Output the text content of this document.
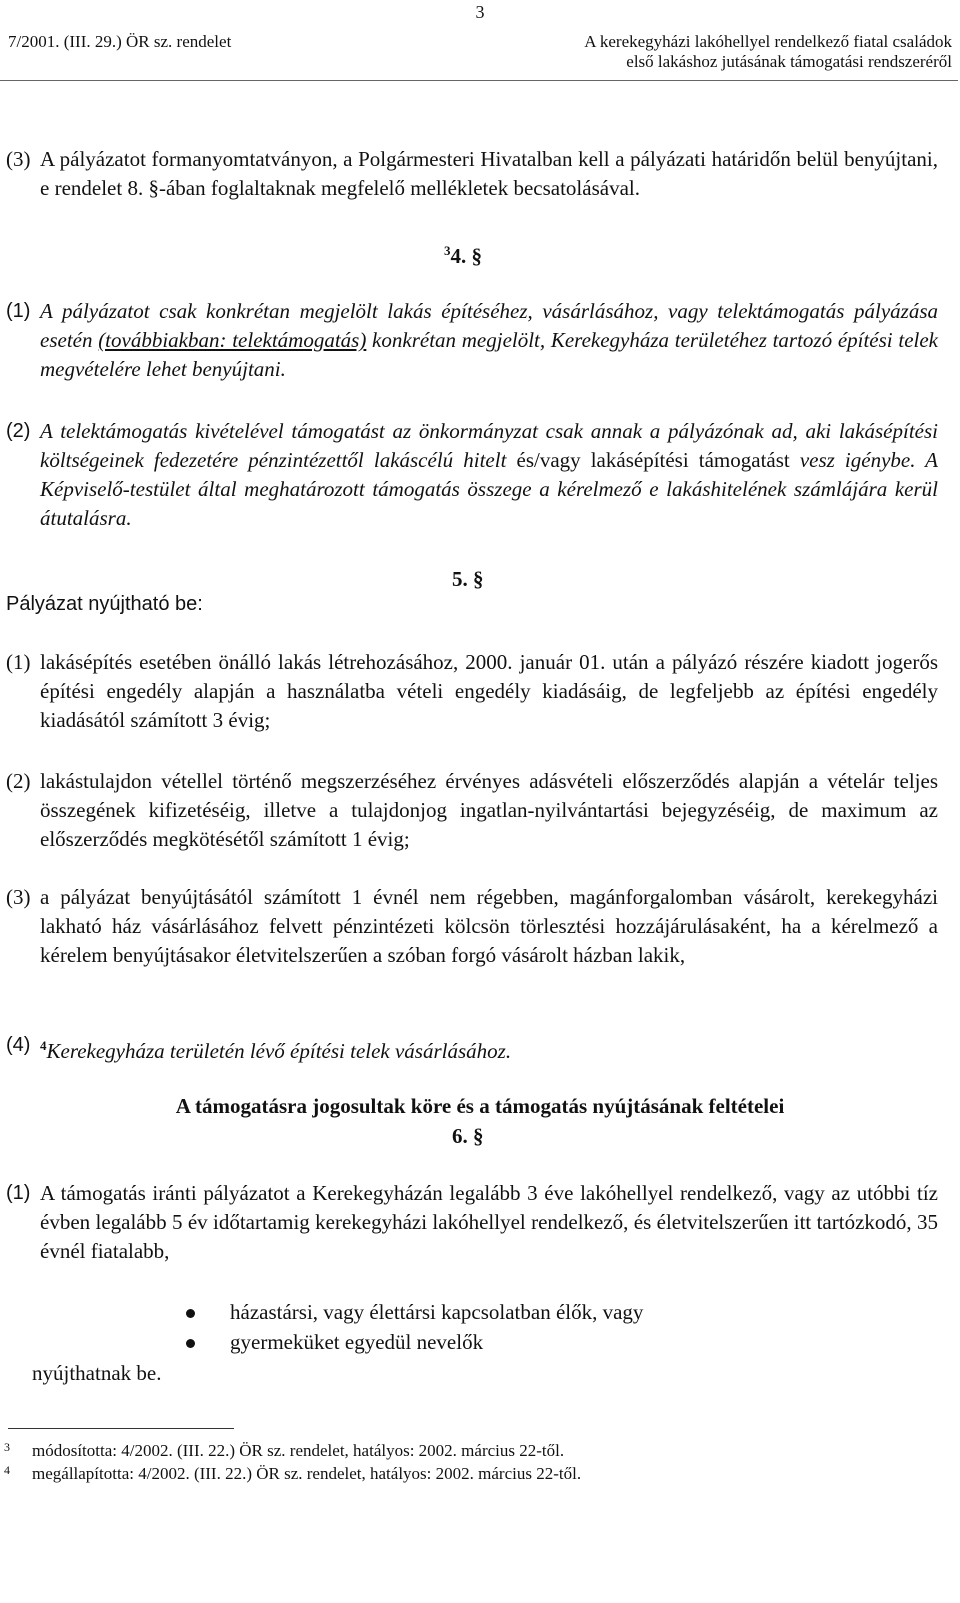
3
7/2001. (III. 29.) ÖR sz. rendelet	A kerekegyházi lakóhellyel rendelkező fiatal családok
első lakáshoz jutásának támogatási rendszeréről
(3) A pályázatot formanyomtatványon, a Polgármesteri Hivatalban kell a pályázati határidőn belül benyújtani, e rendelet 8. §-ában foglaltaknak megfelelő mellékletek becsatolásával.
$^3$4. §
(1) A pályázatot csak konkrétan megjelölt lakás építéséhez, vásárlásához, vagy telektámogatás pályázása esetén (továbbiakban: telektámogatás) konkrétan megjelölt, Kerekegyháza területéhez tartozó építési telek megvételére lehet benyújtani.
(2) A telektámogatás kivételével támogatást az önkormányzat csak annak a pályázónak ad, aki lakásépítési költségeinek fedezetére pénzintézettől lakáscélú hitelt és/vagy lakásépítési támogatást vesz igénybe. A Képviselő-testület által meghatározott támogatás összege a kérelmező e lakáshitelének számlájára kerül átutalásra.
Pályázat nyújtható be:
5. §
(1) lakásépítés esetében önálló lakás létrehozásához, 2000. január 01. után a pályázó részére kiadott jogerős építési engedély alapján a használatba vételi engedély kiadásáig, de legfeljebb az építési engedély kiadásától számított 3 évig;
(2) lakástulajdon vétellel történő megszerzéséhez érvényes adásvételi előszerződés alapján a vételár teljes összegének kifizetéséig, illetve a tulajdonjog ingatlan-nyilvántartási bejegyzéséig, de maximum az előszerződés megkötésétől számított 1 évig;
(3) a pályázat benyújtásától számított 1 évnél nem régebben, magánforgalomban vásárolt, kerekegyházi lakható ház vásárlásához felvett pénzintézeti kölcsön törlesztési hozzájárulásaként, ha a kérelmező a kérelem benyújtásakor életvitelszerűen a szóban forgó vásárolt házban lakik,
(4) $^4$Kerekegyháza területén lévő építési telek vásárlásához.
A támogatásra jogosultak köre és a támogatás nyújtásának feltételei
6. §
(1) A támogatás iránti pályázatot a Kerekegyházán legalább 3 éve lakóhellyel rendelkező, vagy az utóbbi tíz évben legalább 5 év időtartamig kerekegyházi lakóhellyel rendelkező, és életvitelszerűen itt tartózkodó, 35 évnél fiatalabb,
házastársi, vagy élettársi kapcsolatban élők, vagy
gyermeküket egyedül nevelők
nyújthatnak be.
3 módosította: 4/2002. (III. 22.) ÖR sz. rendelet, hatályos: 2002. március 22-től.
4 megállapította: 4/2002. (III. 22.) ÖR sz. rendelet, hatályos: 2002. március 22-től.
